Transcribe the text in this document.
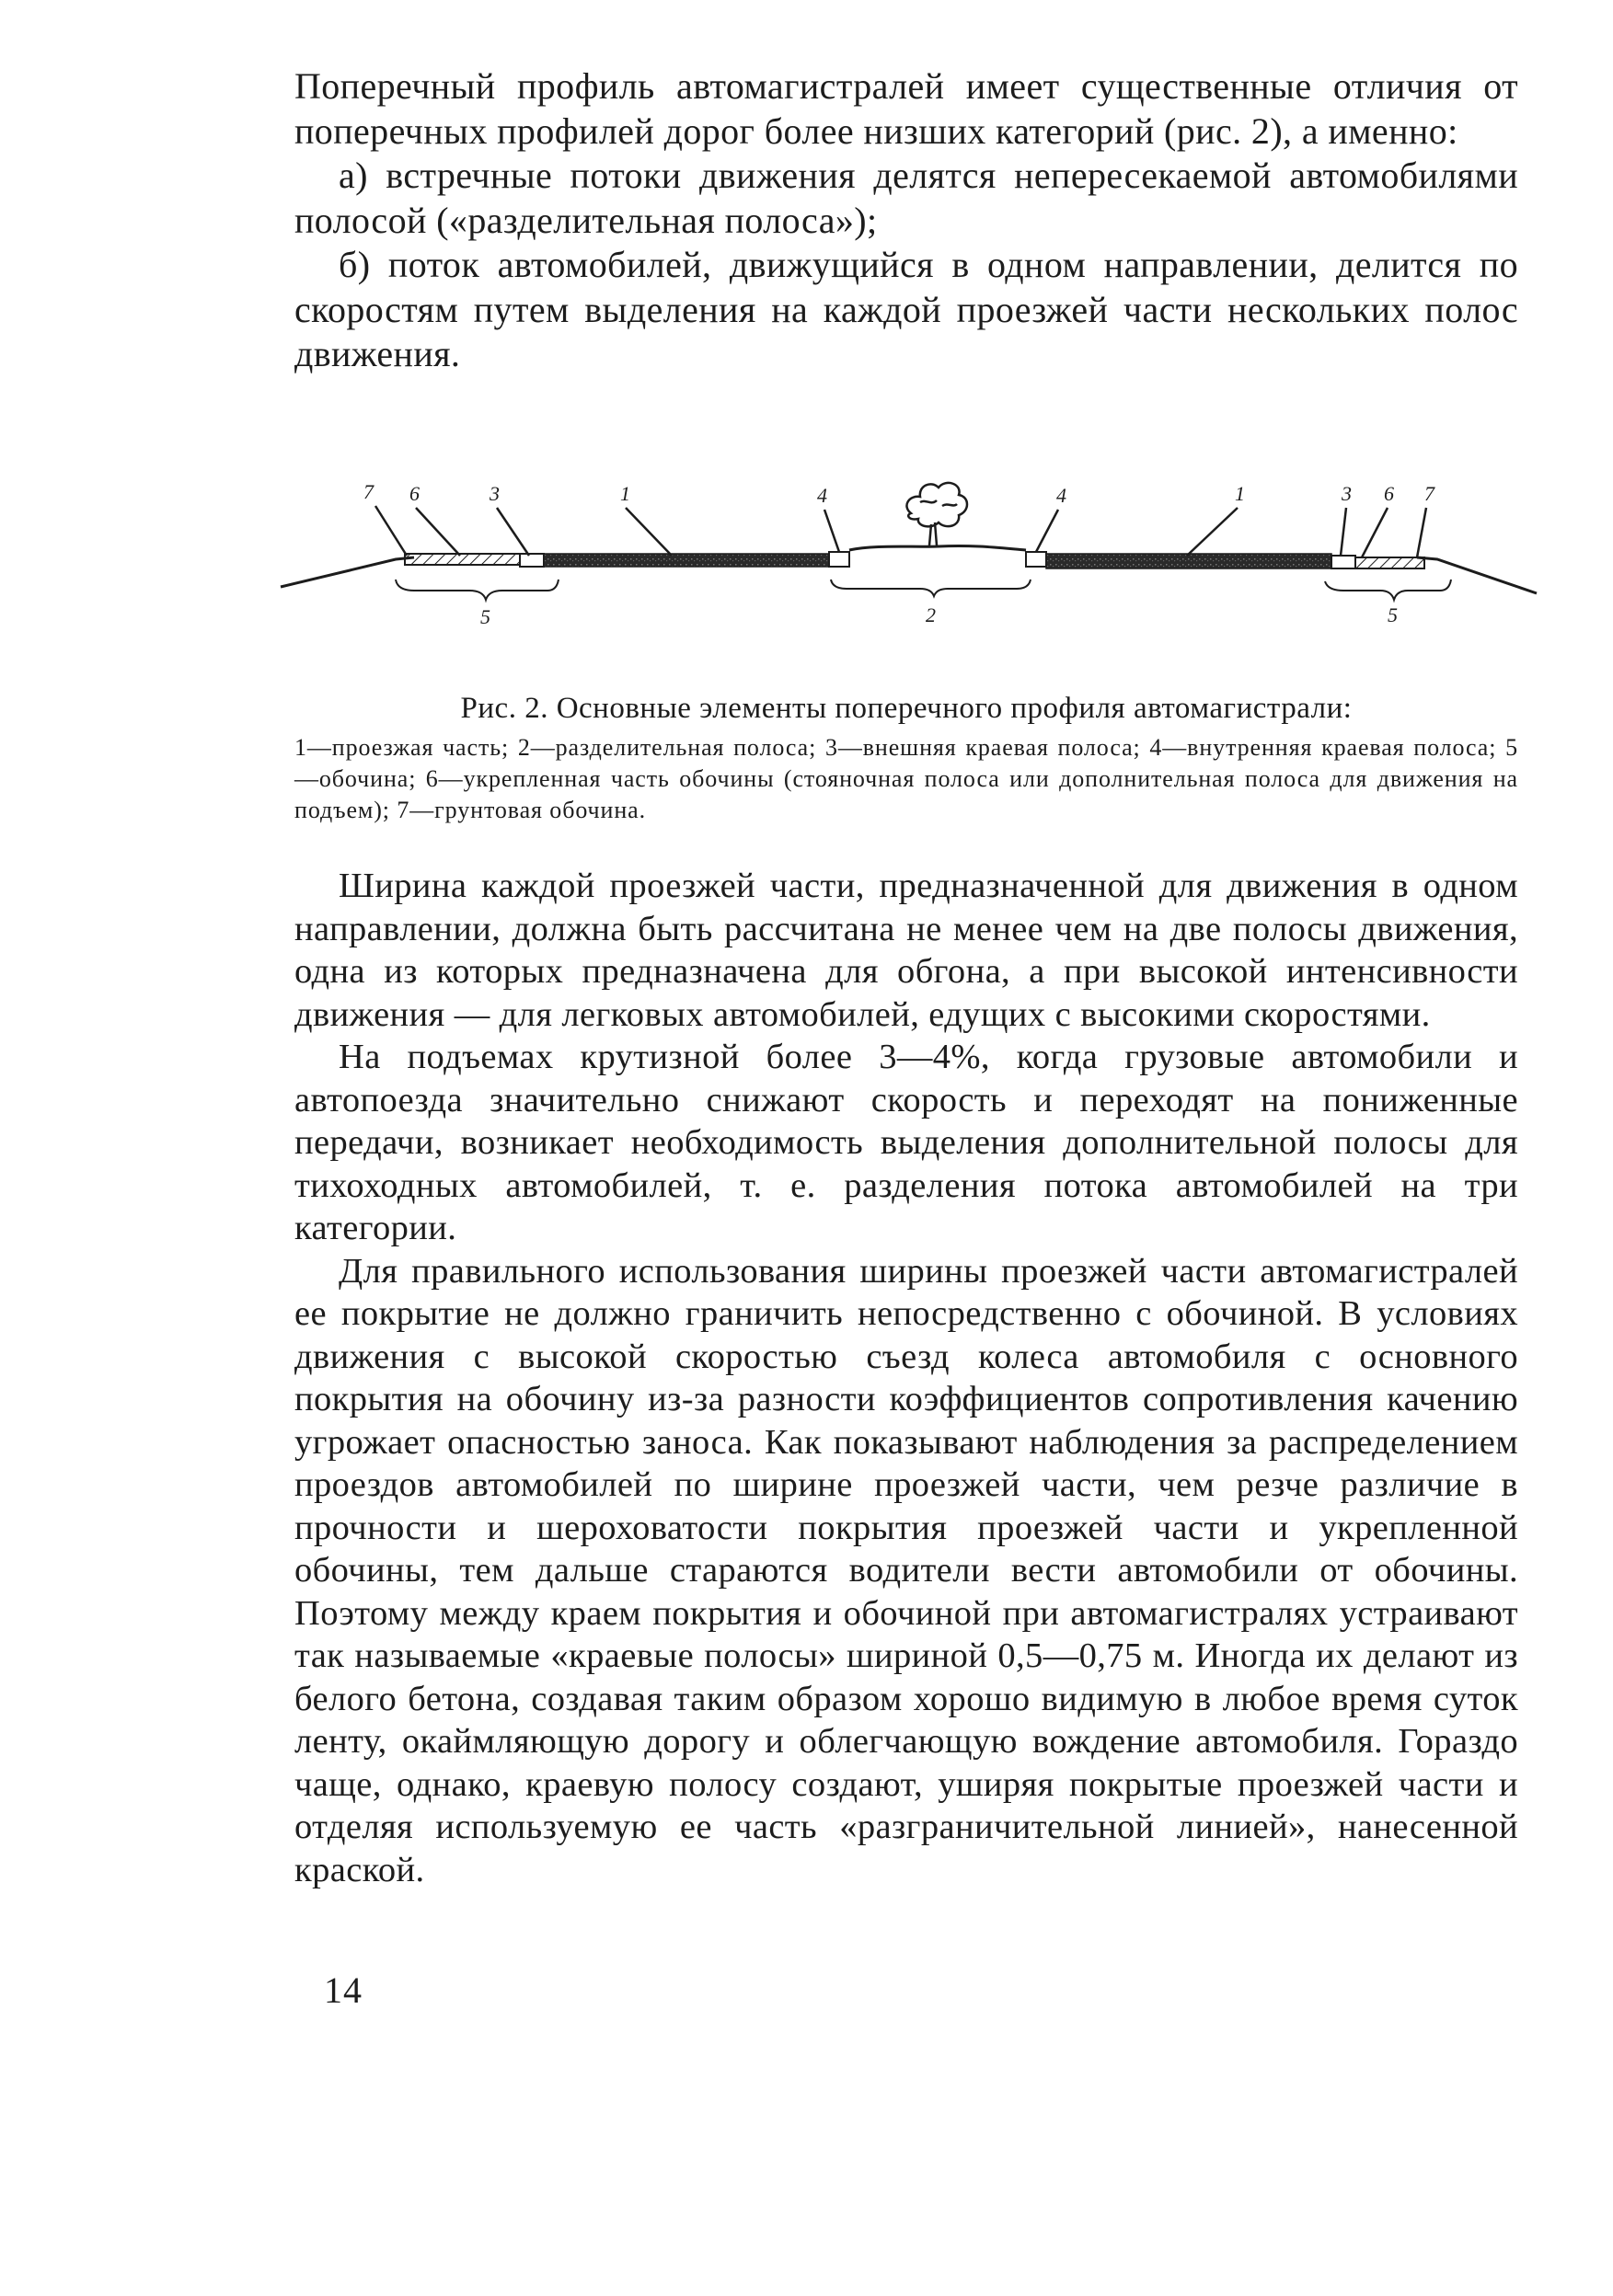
Поперечный профиль автомагистралей имеет существенные отличия от поперечных профилей дорог более низших категорий (рис. 2), а именно:

а) встречные потоки движения делятся непересекаемой автомобилями полосой («разделительная полоса»);

б) поток автомобилей, движущийся в одном направлении, делится по скоростям путем выделения на каждой проезжей части нескольких полос движения.

7 6	3	1	4	4	1	3 6 7
5	2	5
Рис. 2. Основные элементы поперечного профиля автомагистрали:
1—проезжая часть; 2—разделительная полоса; 3—внешняя краевая полоса; 4—внутренняя краевая полоса; 5—обочина; 6—укрепленная часть обочины (стояночная полоса или дополнительная полоса для движения на подъем); 7—грунтовая обочина.

Ширина каждой проезжей части, предназначенной для движения в одном направлении, должна быть рассчитана не менее чем на две полосы движения, одна из которых предназначена для обгона, а при высокой интенсивности движения — для легковых автомобилей, едущих с высокими скоростями.

На подъемах крутизной более 3—4%, когда грузовые автомобили и автопоезда значительно снижают скорость и переходят на пониженные передачи, возникает необходимость выделения дополнительной полосы для тихоходных автомобилей, т. е. разделения потока автомобилей на три категории.

Для правильного использования ширины проезжей части автомагистралей ее покрытие не должно граничить непосредственно с обочиной. В условиях движения с высокой скоростью съезд колеса автомобиля с основного покрытия на обочину из-за разности коэффициентов сопротивления качению угрожает опасностью заноса. Как показывают наблюдения за распределением проездов автомобилей по ширине проезжей части, чем резче различие в прочности и шероховатости покрытия проезжей части и укрепленной обочины, тем дальше стараются водители вести автомобили от обочины. Поэтому между краем покрытия и обочиной при автомагистралях устраивают так называемые «краевые полосы» шириной 0,5—0,75 м. Иногда их делают из белого бетона, создавая таким образом хорошо видимую в любое время суток ленту, окаймляющую дорогу и облегчающую вождение автомобиля. Гораздо чаще, однако, краевую полосу создают, уширяя покрытые проезжей части и отделяя используемую ее часть «разграничительной линией», нанесенной краской.

14
